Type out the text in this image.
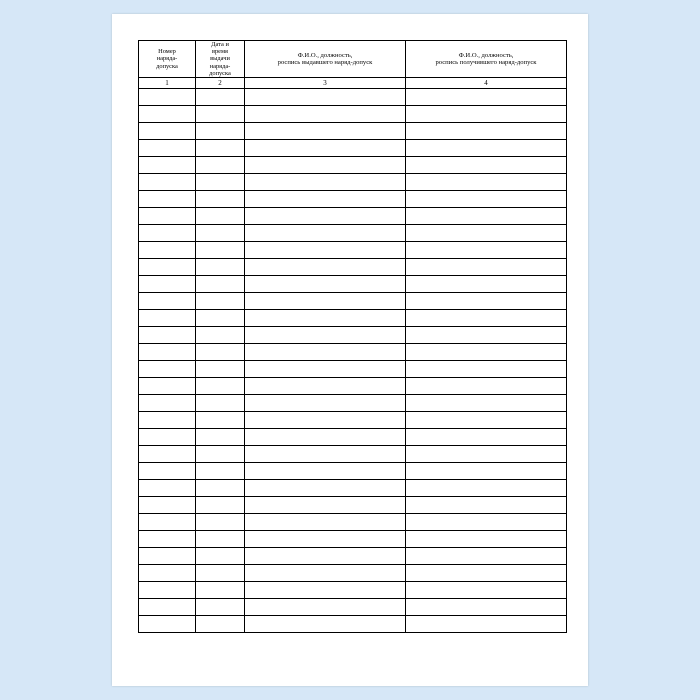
Номер
наряда-
допуска	Дата и
время
выдачи
наряда-
допуска	Ф.И.О., должность,
роспись выдавшего наряд-допуск	Ф.И.О., должность,
роспись получившего наряд-допуск

1	2	3	4
